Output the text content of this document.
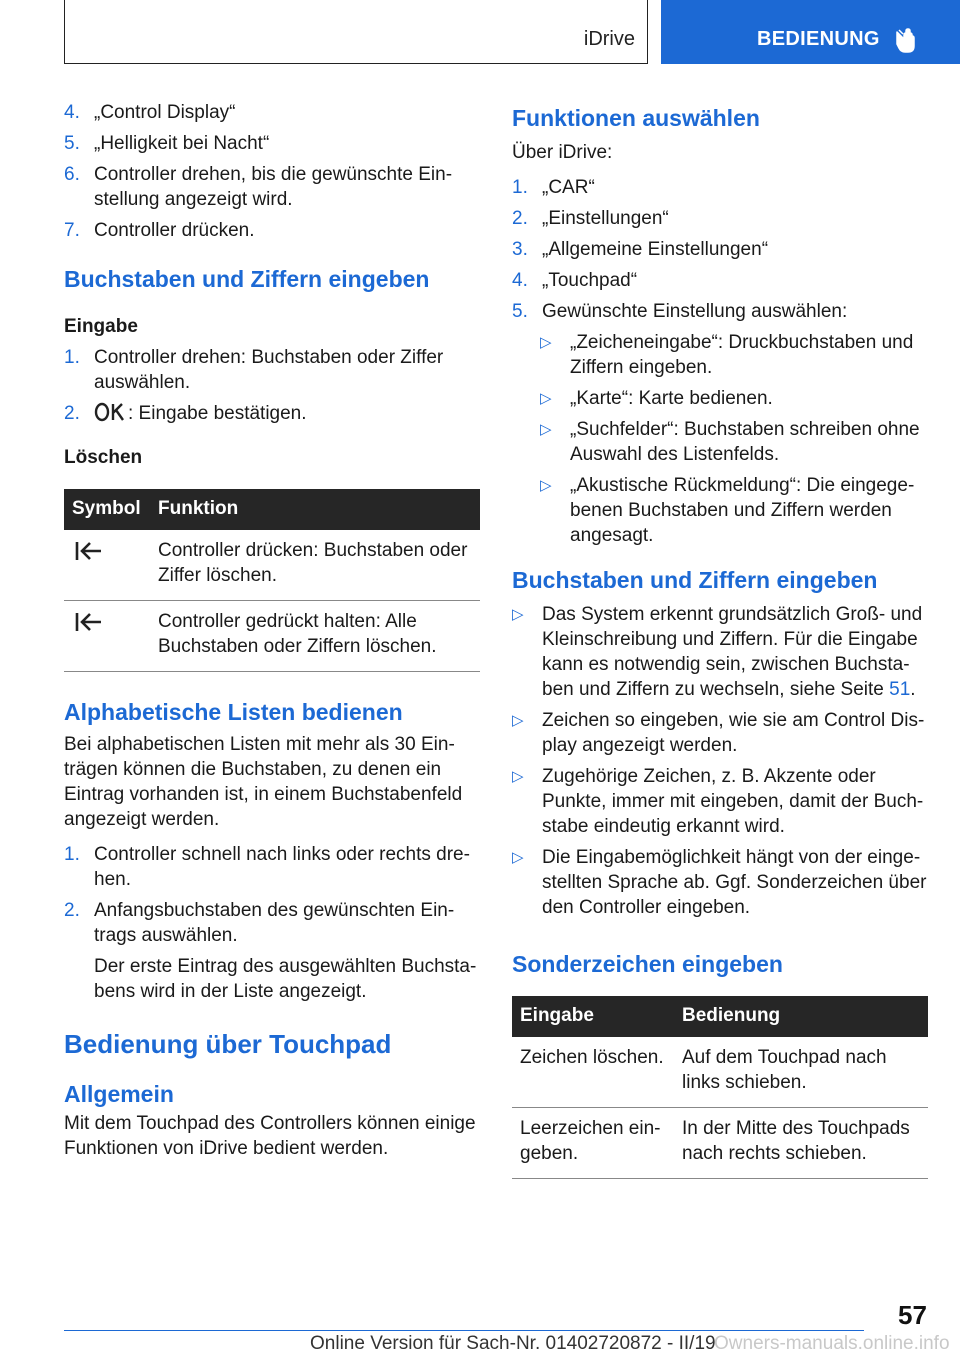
iDrive	BEDIENUNG
4. „Control Display“
5. „Helligkeit bei Nacht“
6. Controller drehen, bis die gewünschte Einstellung angezeigt wird.
7. Controller drücken.
Buchstaben und Ziffern eingeben
Eingabe
1. Controller drehen: Buchstaben oder Ziffer auswählen.
2.	: Eingabe bestätigen.
Löschen
Symbol	Funktion

	Controller drücken: Buchstaben oder Ziffer löschen.

	Controller gedrückt halten: Alle Buchstaben oder Ziffern löschen.
Alphabetische Listen bedienen

Bei alphabetischen Listen mit mehr als 30 Einträgen können die Buchstaben, zu denen ein Eintrag vorhanden ist, in einem Buchstabenfeld angezeigt werden.

1. Controller schnell nach links oder rechts drehen.
2. Anfangsbuchstaben des gewünschten Eintrags auswählen.
Der erste Eintrag des ausgewählten Buchstabens wird in der Liste angezeigt.
Bedienung über Touchpad
Allgemein

Mit dem Touchpad des Controllers können einige Funktionen von iDrive bedient werden.

Funktionen auswählen

Über iDrive:

1. „CAR“
2. „Einstellungen“
3. „Allgemeine Einstellungen“
4. „Touchpad“
5. Gewünschte Einstellung auswählen:
▷ „Zeicheneingabe“: Druckbuchstaben und Ziffern eingeben.
▷ „Karte“: Karte bedienen.
▷ „Suchfelder“: Buchstaben schreiben ohne Auswahl des Listenfelds.
▷ „Akustische Rückmeldung“: Die eingegebenen Buchstaben und Ziffern werden angesagt.
Buchstaben und Ziffern eingeben
▷ Das System erkennt grundsätzlich Groß- und Kleinschreibung und Ziffern. Für die Eingabe kann es notwendig sein, zwischen Buchstaben und Ziffern zu wechseln, siehe Seite 51.
▷ Zeichen so eingeben, wie sie am Control Display angezeigt werden.
▷ Zugehörige Zeichen, z. B. Akzente oder Punkte, immer mit eingeben, damit der Buchstabe eindeutig erkannt wird.
▷ Die Eingabemöglichkeit hängt von der eingestellten Sprache ab. Ggf. Sonderzeichen über den Controller eingeben.
Sonderzeichen eingeben
Eingabe	Bedienung
Zeichen löschen.	Auf dem Touchpad nach links schieben.
Leerzeichen eingeben.	In der Mitte des Touchpads nach rechts schieben.
57
Online Version für Sach-Nr. 01402720872 - II/19
Owners-manuals.online.info
